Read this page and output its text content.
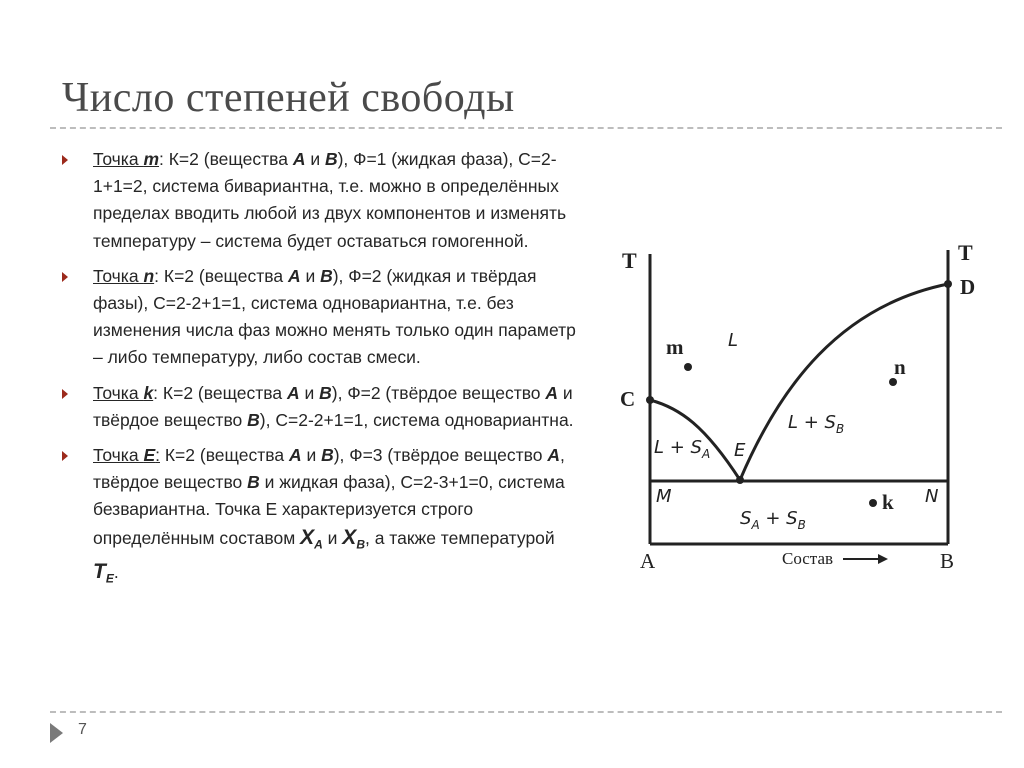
Число степеней свободы
Точка m: К=2 (вещества A и B), Ф=1 (жидкая фаза), С=2-1+1=2, система бивариантна, т.е. можно в определённых пределах вводить любой из двух компонентов и изменять температуру – система будет оставаться гомогенной.
Точка n: К=2 (вещества A и B), Ф=2 (жидкая и твёрдая фазы), С=2-2+1=1, система одновариантна, т.е. без изменения числа фаз можно менять только один параметр – либо температуру, либо состав смеси.
Точка k: К=2 (вещества A и B), Ф=2 (твёрдое вещество A и твёрдое вещество B), С=2-2+1=1, система одновариантна.
Точка E: К=2 (вещества A и B), Ф=3 (твёрдое вещество A, твёрдое вещество B и жидкая фаза), С=2-3+1=0, система безвариантна. Точка Е характеризуется строго определённым составом $X_A$ и $X_B$, а также температурой $T_E$.
T	T
C
D
m
n
k
L
$L + S_A$ E
$L + S_B$
M	N
$S_A + S_B$
A	B
Состав
7
